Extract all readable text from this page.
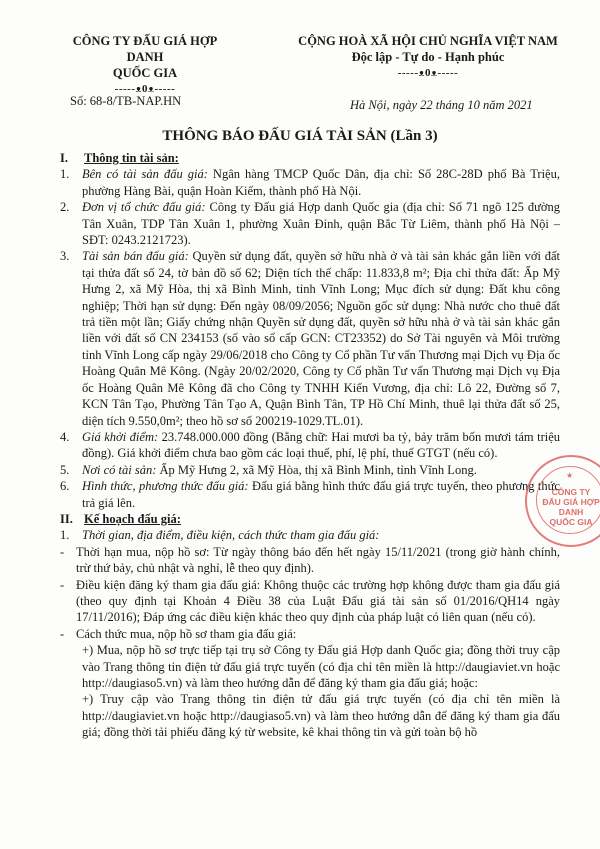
CÔNG TY ĐẤU GIÁ HỢP DANH
QUỐC GIA
-----ᴥ0ᴥ-----
CỘNG HOÀ XÃ HỘI CHỦ NGHĨA VIỆT NAM
Độc lập - Tự do - Hạnh phúc
-----ᴥ0ᴥ-----
Số: 68-8/TB-NAP.HN	Hà Nội, ngày 22 tháng 10 năm 2021
THÔNG BÁO ĐẤU GIÁ TÀI SẢN (Lần 3)
I.	Thông tin tài sản:
1.	Bên có tài sản đấu giá: Ngân hàng TMCP Quốc Dân, địa chỉ: Số 28C-28D phố Bà Triệu, phường Hàng Bài, quận Hoàn Kiếm, thành phố Hà Nội.
2.	Đơn vị tổ chức đấu giá: Công ty Đấu giá Hợp danh Quốc gia (địa chỉ: Số 71 ngõ 125 đường Tân Xuân, TDP Tân Xuân 1, phường Xuân Đỉnh, quận Bắc Từ Liêm, thành phố Hà Nội – SĐT: 0243.2121723).
3.	Tài sản bán đấu giá: Quyền sử dụng đất, quyền sở hữu nhà ở và tài sản khác gắn liền với đất tại thửa đất số 24, tờ bản đồ số 62; Diện tích thế chấp: 11.833,8 m²; Địa chỉ thửa đất: Ấp Mỹ Hưng 2, xã Mỹ Hòa, thị xã Bình Minh, tỉnh Vĩnh Long; Mục đích sử dụng: Đất khu công nghiệp; Thời hạn sử dụng: Đến ngày 08/09/2056; Nguồn gốc sử dụng: Nhà nước cho thuê đất trả tiền một lần; Giấy chứng nhận Quyền sử dụng đất, quyền sở hữu nhà ở và tài sản khác gắn liền với đất số CN 234153 (số vào sổ cấp GCN: CT23352) do Sở Tài nguyên và Môi trường tỉnh Vĩnh Long cấp ngày 29/06/2018 cho Công ty Cổ phần Tư vấn Thương mại Dịch vụ Địa ốc Hoàng Quân Mê Kông. (Ngày 20/02/2020, Công ty Cổ phần Tư vấn Thương mại Dịch vụ Địa ốc Hoàng Quân Mê Kông đã cho Công ty TNHH Kiến Vương, địa chỉ: Lô 22, Đường số 7, KCN Tân Tạo, Phường Tân Tạo A, Quận Bình Tân, TP Hồ Chí Minh, thuê lại thửa đất số 25, diện tích 9.550,0m²; theo hồ sơ số 200219-1029.TL.01).
4.	Giá khởi điểm: 23.748.000.000 đồng (Bằng chữ: Hai mươi ba tỷ, bảy trăm bốn mươi tám triệu đồng). Giá khởi điểm chưa bao gồm các loại thuế, phí, lệ phí, thuế GTGT (nếu có).
5.	Nơi có tài sản: Ấp Mỹ Hưng 2, xã Mỹ Hòa, thị xã Bình Minh, tỉnh Vĩnh Long.
6.	Hình thức, phương thức đấu giá: Đấu giá bằng hình thức đấu giá trực tuyến, theo phương thức trả giá lên.
II. Kế hoạch đấu giá:
1.	Thời gian, địa điểm, điều kiện, cách thức tham gia đấu giá:
- Thời hạn mua, nộp hồ sơ: Từ ngày thông báo đến hết ngày 15/11/2021 (trong giờ hành chính, trừ thứ bảy, chủ nhật và nghỉ, lễ theo quy định).
- Điều kiện đăng ký tham gia đấu giá: Không thuộc các trường hợp không được tham gia đấu giá (theo quy định tại Khoản 4 Điều 38 của Luật Đấu giá tài sản số 01/2016/QH14 ngày 17/11/2016); Đáp ứng các điều kiện khác theo quy định của pháp luật có liên quan (nếu có).
- Cách thức mua, nộp hồ sơ tham gia đấu giá:
+) Mua, nộp hồ sơ trực tiếp tại trụ sở Công ty Đấu giá Hợp danh Quốc gia; đồng thời truy cập vào Trang thông tin điện tử đấu giá trực tuyến (có địa chỉ tên miền là http://daugiaviet.vn hoặc http://daugiaso5.vn) và làm theo hướng dẫn để đăng ký tham gia đấu giá; hoặc:
+) Truy cập vào Trang thông tin điện tử đấu giá trực tuyến (có địa chỉ tên miền là http://daugiaviet.vn hoặc http://daugiaso5.vn) và làm theo hướng dẫn để đăng ký tham gia đấu giá; đồng thời tải phiếu đăng ký từ website, kê khai thông tin và gửi toàn bộ hồ
★
CÔNG TY
ĐẤU GIÁ HỢP DANH
QUỐC GIA
